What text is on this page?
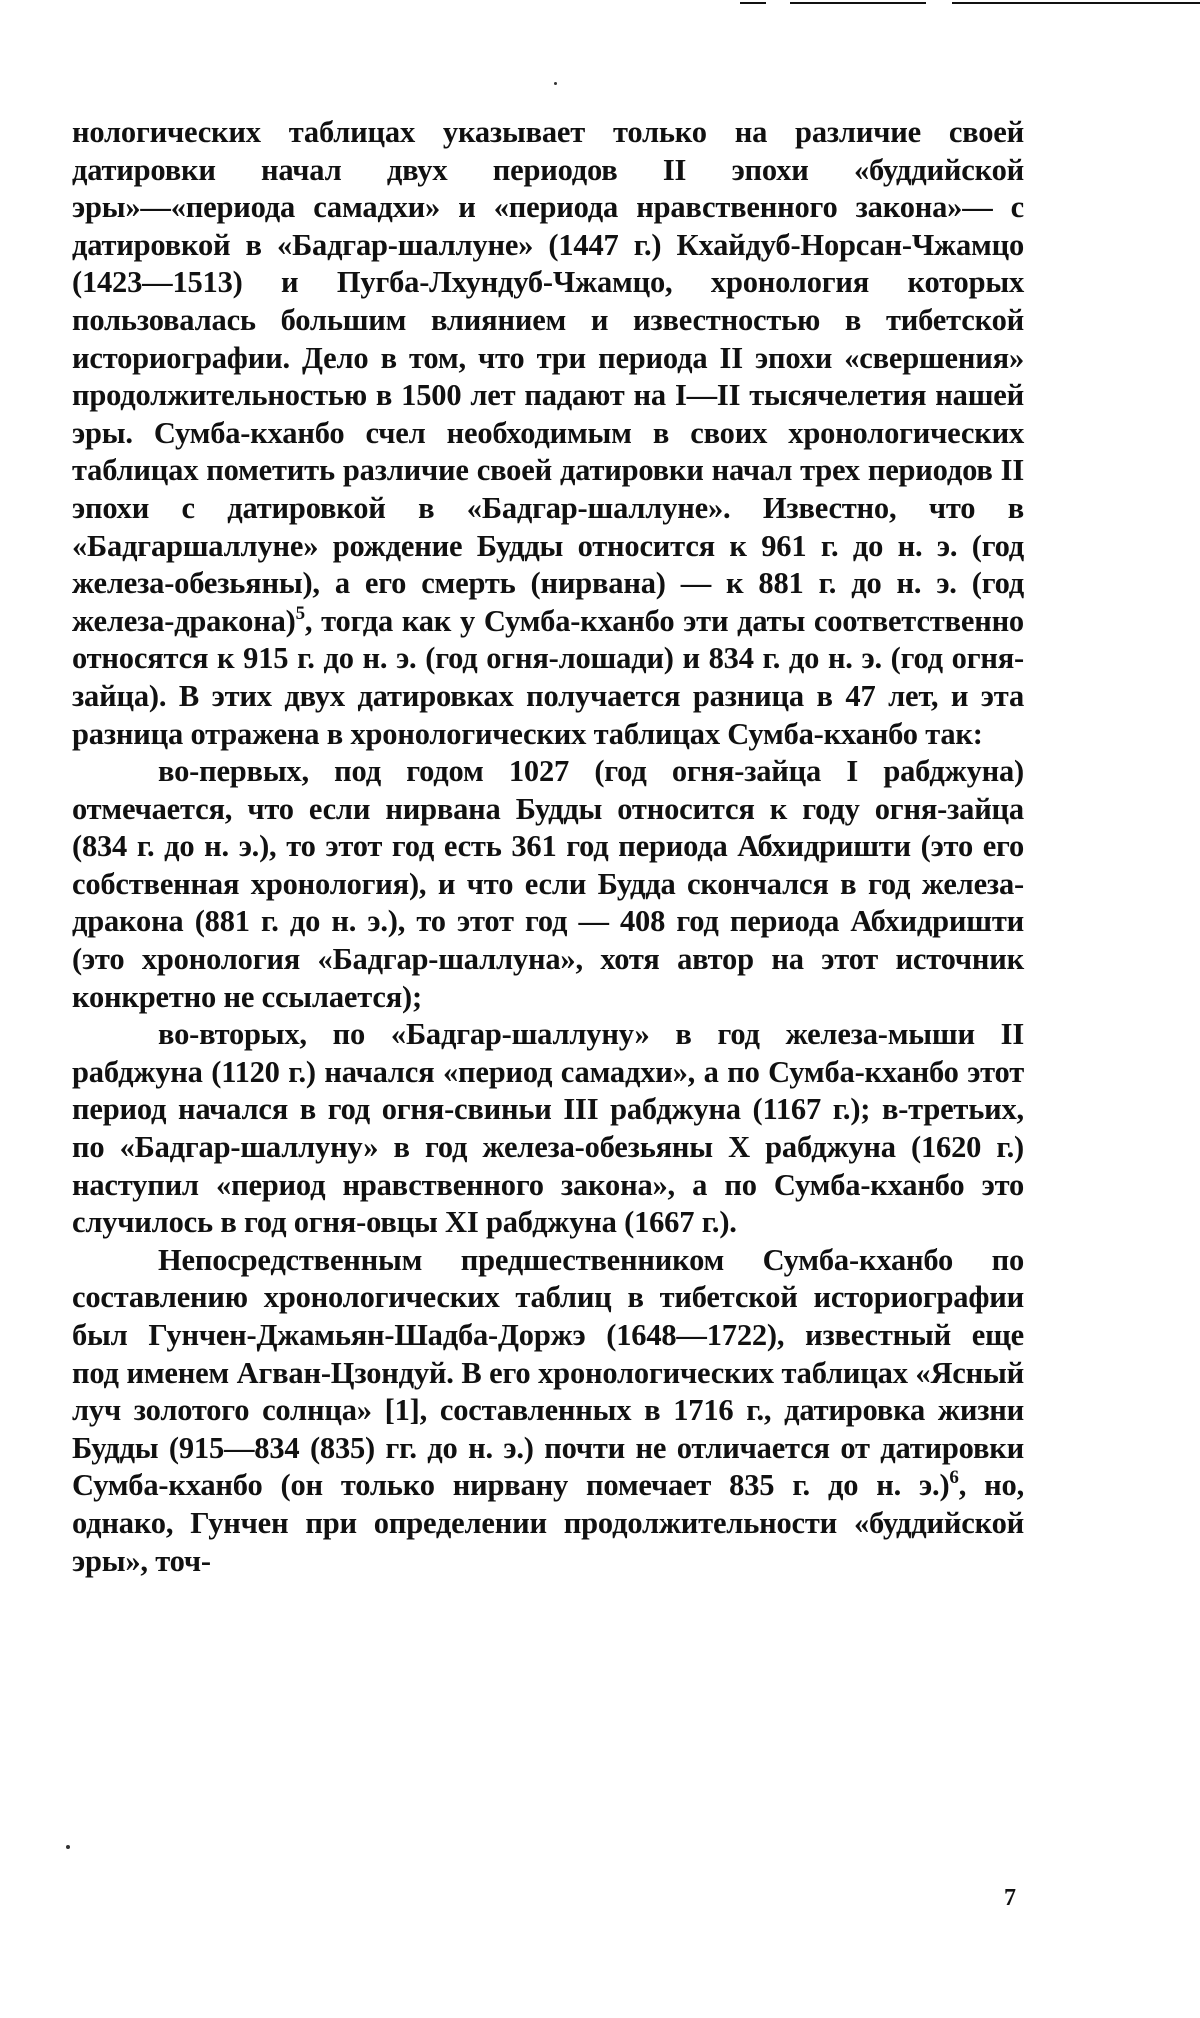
нологических таблицах указывает только на различие своей датировки начал двух периодов II эпохи «буддийской эры»—«периода самадхи» и «периода нравственного закона»— с датировкой в «Бадгар-шаллуне» (1447 г.) Кхайдуб-Норсан-Чжамцо (1423—1513) и Пугба-Лхундуб-Чжамцо, хронология которых пользовалась большим влиянием и известностью в тибетской историографии. Дело в том, что три периода II эпохи «свершения» продолжительностью в 1500 лет падают на I—II тысячелетия нашей эры. Сумба-кханбо счел необходимым в своих хронологических таблицах пометить различие своей датировки начал трех периодов II эпохи с датировкой в «Бадгар-шаллуне». Известно, что в «Бадгаршаллуне» рождение Будды относится к 961 г. до н. э. (год железа-обезьяны), а его смерть (нирвана) — к 881 г. до н. э. (год железа-дракона)$^5$, тогда как у Сумба-кханбо эти даты соответственно относятся к 915 г. до н. э. (год огня-лошади) и 834 г. до н. э. (год огня-зайца). В этих двух датировках получается разница в 47 лет, и эта разница отражена в хронологических таблицах Сумба-кханбо так:

во-первых, под годом 1027 (год огня-зайца I рабджуна) отмечается, что если нирвана Будды относится к году огня-зайца (834 г. до н. э.), то этот год есть 361 год периода Абхидришти (это его собственная хронология), и что если Будда скончался в год железа-дракона (881 г. до н. э.), то этот год — 408 год периода Абхидришти (это хронология «Бадгар-шаллуна», хотя автор на этот источник конкретно не ссылается);

во-вторых, по «Бадгар-шаллуну» в год железа-мыши II рабджуна (1120 г.) начался «период самадхи», а по Сумба-кханбо этот период начался в год огня-свиньи III рабджуна (1167 г.); в-третьих, по «Бадгар-шаллуну» в год железа-обезьяны X рабджуна (1620 г.) наступил «период нравственного закона», а по Сумба-кханбо это случилось в год огня-овцы XI рабджуна (1667 г.).

Непосредственным предшественником Сумба-кханбо по составлению хронологических таблиц в тибетской историографии был Гунчен-Джамьян-Шадба-Доржэ (1648—1722), известный еще под именем Агван-Цзондуй. В его хронологических таблицах «Ясный луч золотого солнца» [1], составленных в 1716 г., датировка жизни Будды (915—834 (835) гг. до н. э.) почти не отличается от датировки Сумба-кханбо (он только нирвану помечает 835 г. до н. э.)$^6$, но, однако, Гунчен при определении продолжительности «буддийской эры», точ-

7
